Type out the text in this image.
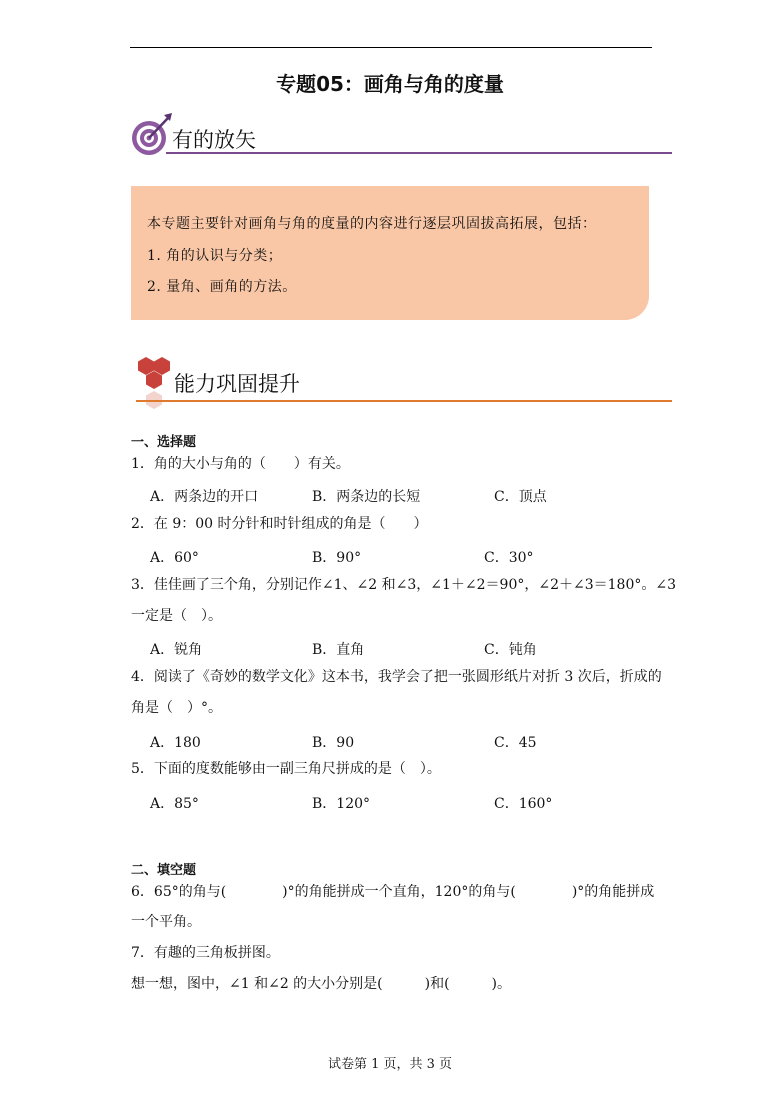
专题05：画角与角的度量
有的放矢

本专题主要针对画角与角的度量的内容进行逐层巩固拔高拓展，包括：

1. 角的认识与分类；

2. 量角、画角的方法。

能力巩固提升
一、选择题

1．角的大小与角的（　　）有关。

A．两条边的开口	B．两条边的长短	C．顶点

2．在 9：00 时分针和时针组成的角是（　　）

A．60°	B．90°	C．30°

3．佳佳画了三个角，分别记作∠1、∠2 和∠3，∠1＋∠2＝90°，∠2＋∠3＝180°。∠3

一定是（　）。

A．锐角	B．直角	C．钝角

4．阅读了《奇妙的数学文化》这本书，我学会了把一张圆形纸片对折 3 次后，折成的

角是（　）°。

A．180	B．90	C．45

5．下面的度数能够由一副三角尺拼成的是（　）。

A．85°	B．120°	C．160°

二、填空题

6．65°的角与(　　　　)°的角能拼成一个直角，120°的角与(　　　　)°的角能拼成

一个平角。

7．有趣的三角板拼图。

想一想，图中，∠1 和∠2 的大小分别是(　　　)和(　　　)。

试卷第 1 页，共 3 页
